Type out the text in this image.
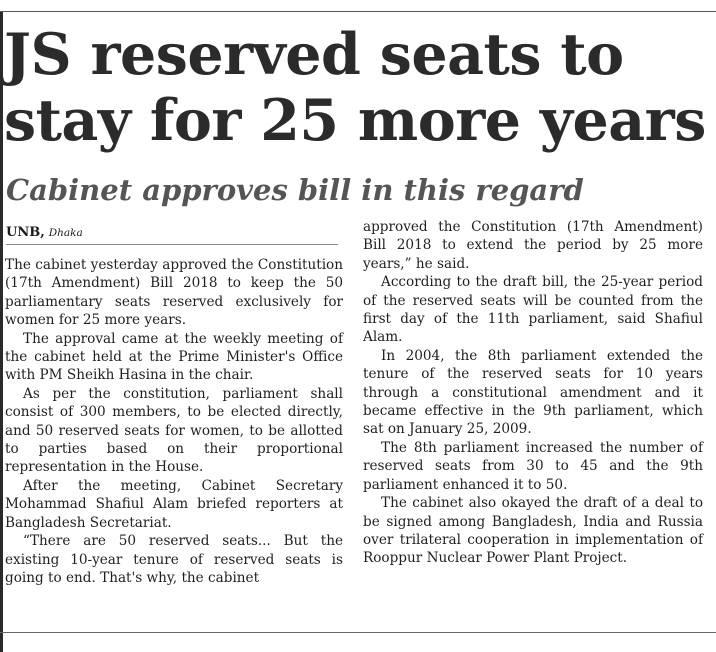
JS reserved seats to stay for 25 more years
Cabinet approves bill in this regard
UNB, Dhaka

The cabinet yesterday approved the Constitution (17th Amendment) Bill 2018 to keep the 50 parliamentary seats reserved exclusively for women for 25 more years.

The approval came at the weekly meeting of the cabinet held at the Prime Minister's Office with PM Sheikh Hasina in the chair.

As per the constitution, parliament shall consist of 300 members, to be elected directly, and 50 reserved seats for women, to be allotted to parties based on their proportional representation in the House.

After the meeting, Cabinet Secretary Mohammad Shafiul Alam briefed reporters at Bangladesh Secretariat.

“There are 50 reserved seats... But the existing 10-year tenure of reserved seats is going to end. That's why, the cabinet

approved the Constitution (17th Amendment) Bill 2018 to extend the period by 25 more years,” he said.

According to the draft bill, the 25-year period of the reserved seats will be counted from the first day of the 11th parliament, said Shafiul Alam.

In 2004, the 8th parliament extended the tenure of the reserved seats for 10 years through a constitutional amendment and it became effective in the 9th parliament, which sat on January 25, 2009.

The 8th parliament increased the number of reserved seats from 30 to 45 and the 9th parliament enhanced it to 50.

The cabinet also okayed the draft of a deal to be signed among Bangladesh, India and Russia over trilateral cooperation in implementation of Rooppur Nuclear Power Plant Project.
